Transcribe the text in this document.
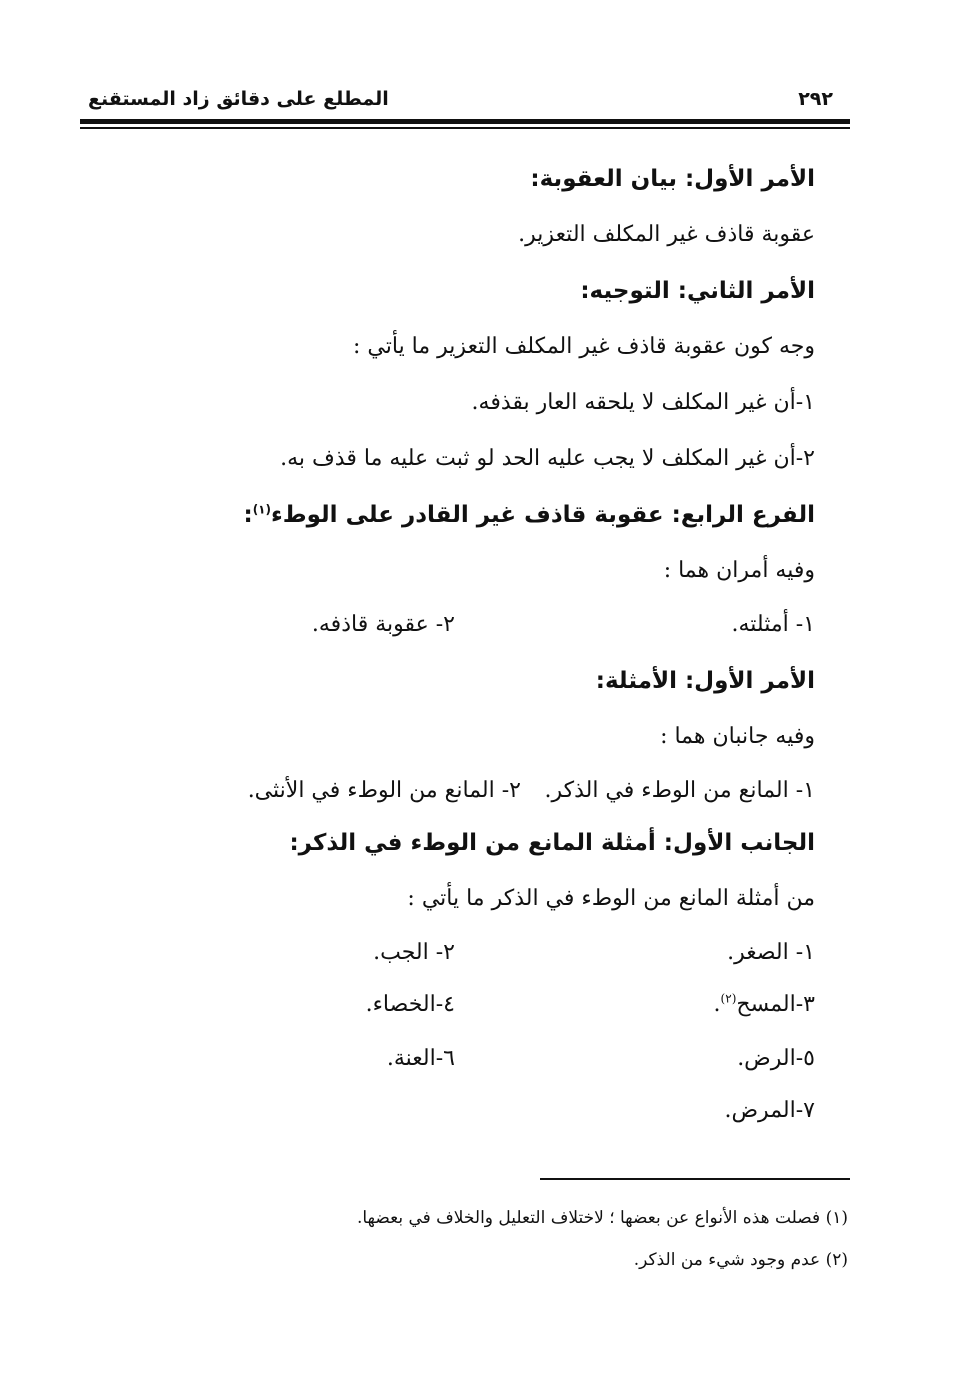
المطلع على دقائق زاد المستقنع	٢٩٢
الأمر الأول: بيان العقوبة:
عقوبة قاذف غير المكلف التعزير.
الأمر الثاني: التوجيه:
وجه كون عقوبة قاذف غير المكلف التعزير ما يأتي :
١-أن غير المكلف لا يلحقه العار بقذفه.
٢-أن غير المكلف لا يجب عليه الحد لو ثبت عليه ما قذف به.
الفرع الرابع: عقوبة قاذف غير القادر على الوطء$^{(١)}$:
وفيه أمران هما :
١- أمثلته.
٢- عقوبة قاذفه.
الأمر الأول: الأمثلة:
وفيه جانبان هما :
١- المانع من الوطء في الذكر.
٢- المانع من الوطء في الأنثى.
الجانب الأول: أمثلة المانع من الوطء في الذكر:
من أمثلة المانع من الوطء في الذكر ما يأتي :
١- الصغر.
٢- الجب.
٣-المسح$^{(٢)}$.
٤-الخصاء.
٥-الرض.
٦-العنة.
٧-المرض.
(١) فصلت هذه الأنواع عن بعضها ؛ لاختلاف التعليل والخلاف في بعضها.
(٢) عدم وجود شيء من الذكر.
